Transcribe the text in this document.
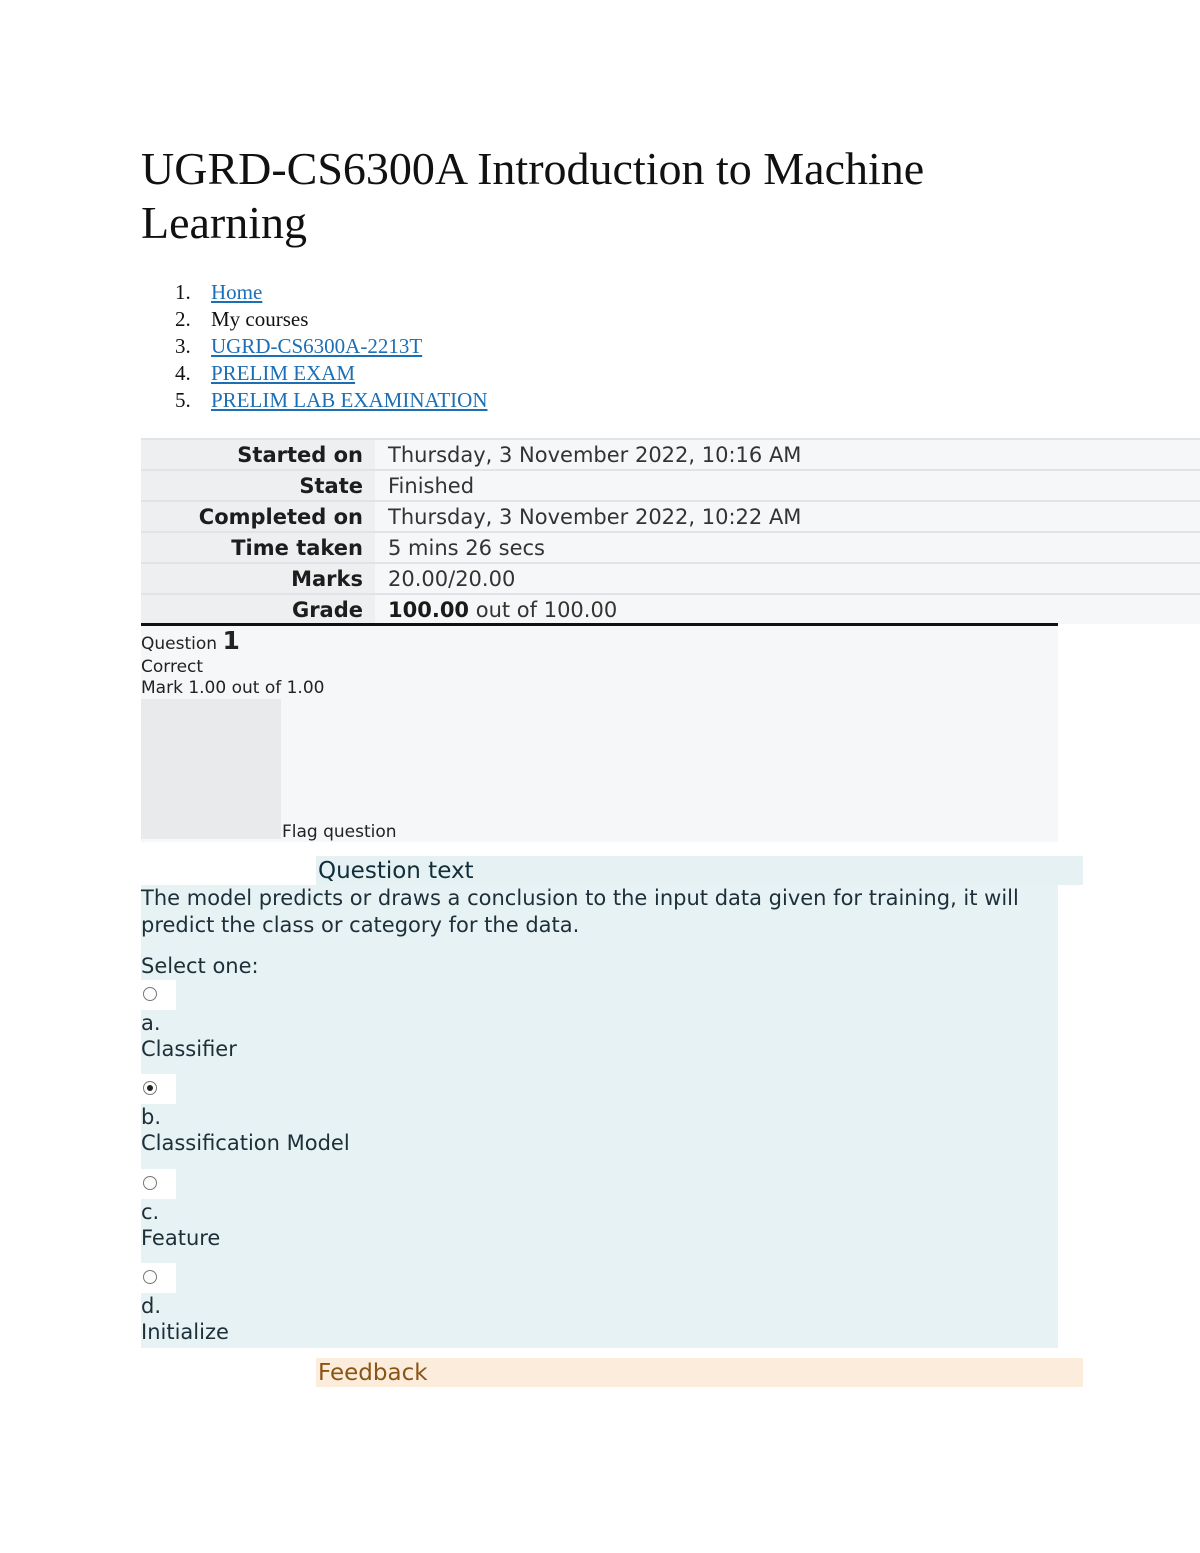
UGRD-CS6300A Introduction to Machine Learning
1. Home
2. My courses
3. UGRD-CS6300A-2213T
4. PRELIM EXAM
5. PRELIM LAB EXAMINATION
Started on	Thursday, 3 November 2022, 10:16 AM
State	Finished
Completed on	Thursday, 3 November 2022, 10:22 AM
Time taken	5 mins 26 secs
Marks	20.00/20.00
Grade	100.00 out of 100.00
Question 1
Correct
Mark 1.00 out of 1.00
Flag question
Question text
The model predicts or draws a conclusion to the input data given for training, it will predict the class or category for the data.
Select one:
a.
Classifier
b.
Classification Model
c.
Feature
d.
Initialize
Feedback
